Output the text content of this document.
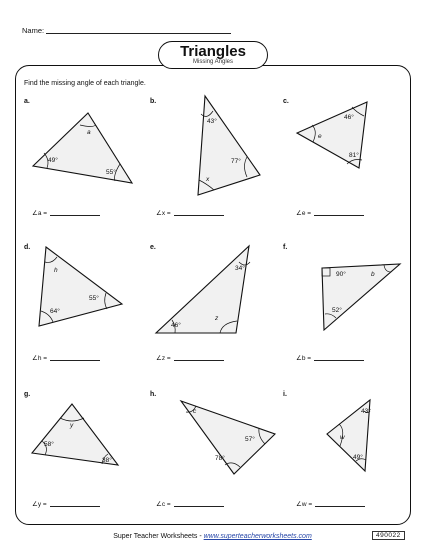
Name:
Triangles
Missing Angles
Find the missing angle of each triangle.
a.	b.	c.
d.	e.	f.
g.	h.	i.
a
49°
55°
43°
77°
x
e
46°
81°
h
55°
64°
34°
46°
z
90°	b
52°
y
58°
38°
c
57°
78°
43°
w
49°
∠a =	∠x =	∠e =
∠h =	∠z =	∠b =
∠y =	∠c =	∠w =
Super Teacher Worksheets - www.superteacherworksheets.com	490022
